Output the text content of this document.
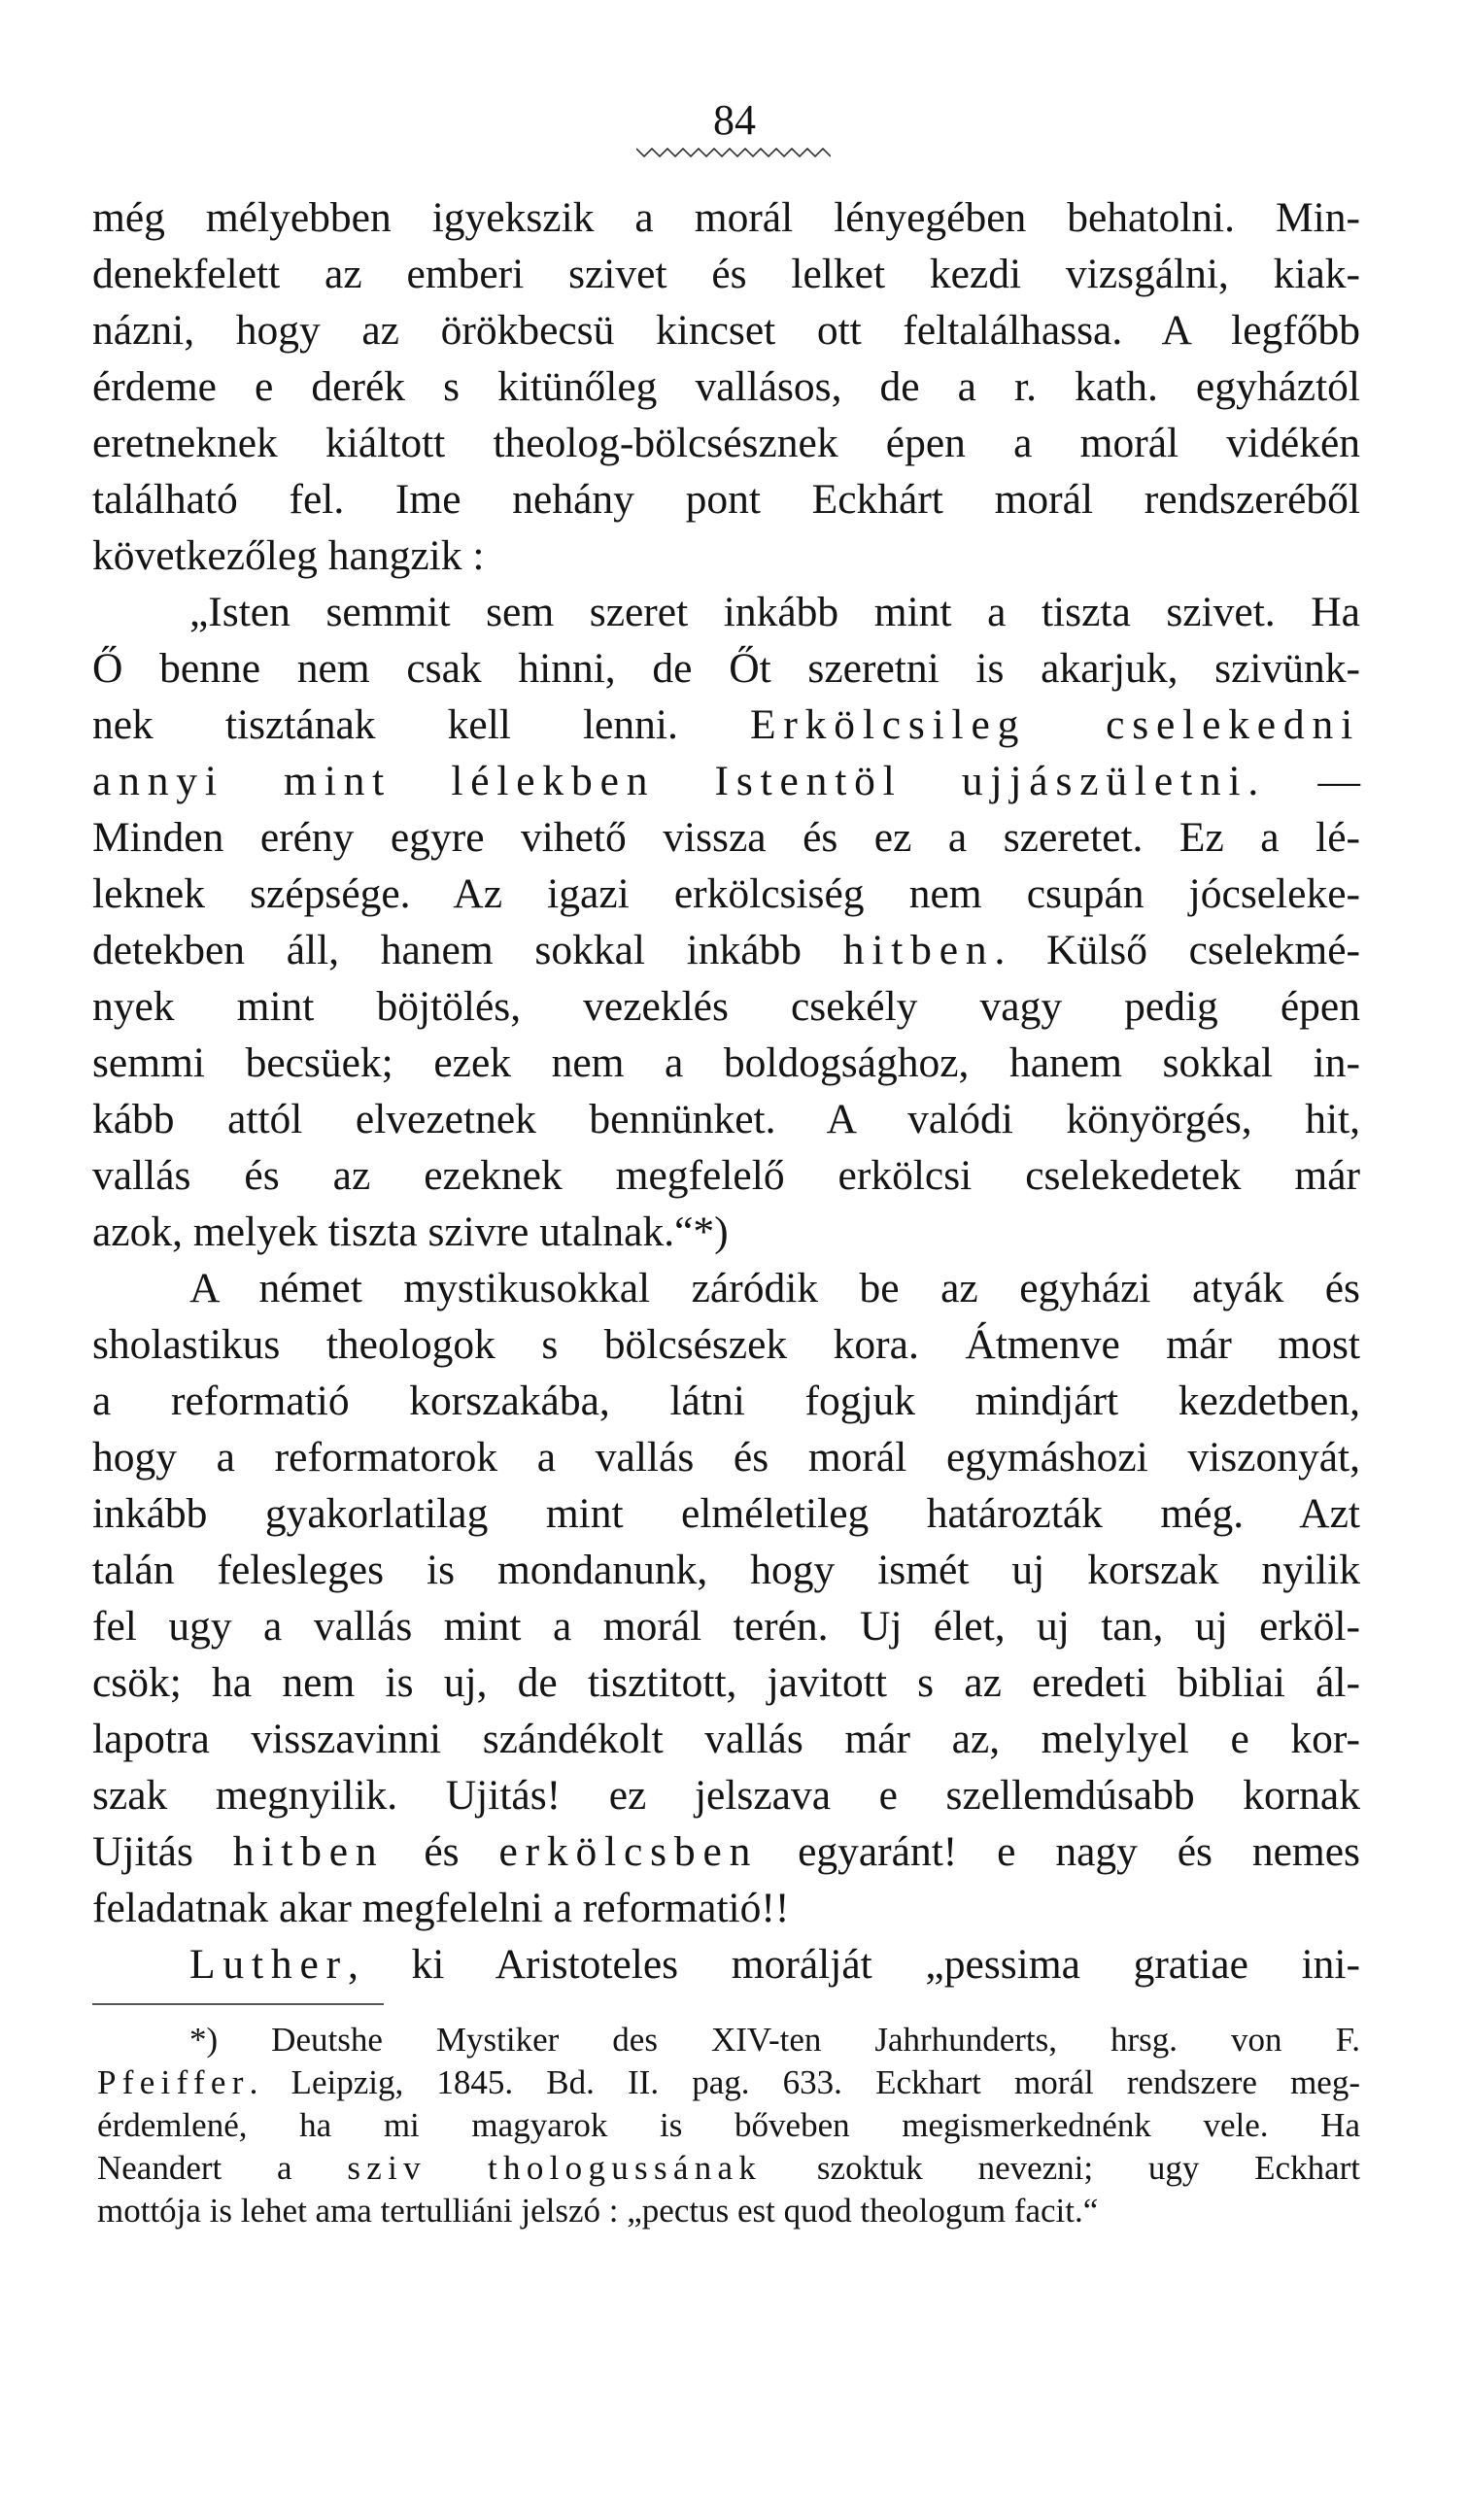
84
még mélyebben igyekszik a morál lényegében behatolni. Min-
denekfelett az emberi szivet és lelket kezdi vizsgálni, kiak-
názni, hogy az örökbecsü kincset ott feltalálhassa. A legfőbb
érdeme e derék s kitünőleg vallásos, de a r. kath. egyháztól
eretneknek kiáltott theolog-bölcsésznek épen a morál vidékén
található fel. Ime nehány pont Eckhárt morál rendszeréből
következőleg hangzik :
„Isten semmit sem szeret inkább mint a tiszta szivet. Ha
Ő benne nem csak hinni, de Őt szeretni is akarjuk, szivünk-
nek tisztának kell lenni. Erkölcsileg cselekedni
annyi mint lélekben Istentöl ujjászületni. —
Minden erény egyre vihető vissza és ez a szeretet. Ez a lé-
leknek szépsége. Az igazi erkölcsiség nem csupán jócseleke-
detekben áll, hanem sokkal inkább hitben. Külső cselekmé-
nyek mint böjtölés, vezeklés csekély vagy pedig épen
semmi becsüek; ezek nem a boldogsághoz, hanem sokkal in-
kább attól elvezetnek bennünket. A valódi könyörgés, hit,
vallás és az ezeknek megfelelő erkölcsi cselekedetek már
azok, melyek tiszta szivre utalnak.“*)
A német mystikusokkal záródik be az egyházi atyák és
sholastikus theologok s bölcsészek kora. Átmenve már most
a reformatió korszakába, látni fogjuk mindjárt kezdetben,
hogy a reformatorok a vallás és morál egymáshozi viszonyát,
inkább gyakorlatilag mint elméletileg határozták még. Azt
talán felesleges is mondanunk, hogy ismét uj korszak nyilik
fel ugy a vallás mint a morál terén. Uj élet, uj tan, uj erköl-
csök; ha nem is uj, de tisztitott, javitott s az eredeti bibliai ál-
lapotra visszavinni szándékolt vallás már az, melylyel e kor-
szak megnyilik. Ujitás! ez jelszava e szellemdúsabb kornak
Ujitás hitben és erkölcsben egyaránt! e nagy és nemes
feladatnak akar megfelelni a reformatió!!
Luther, ki Aristoteles morálját „pessima gratiae ini-
*) Deutshe Mystiker des XIV-ten Jahrhunderts, hrsg. von F.
Pfeiffer. Leipzig, 1845. Bd. II. pag. 633. Eckhart morál rendszere meg-
érdemlené, ha mi magyarok is bőveben megismerkednénk vele. Ha
Neandert a sziv thologussának szoktuk nevezni; ugy Eckhart
mottója is lehet ama tertulliáni jelszó : „pectus est quod theologum facit.“
